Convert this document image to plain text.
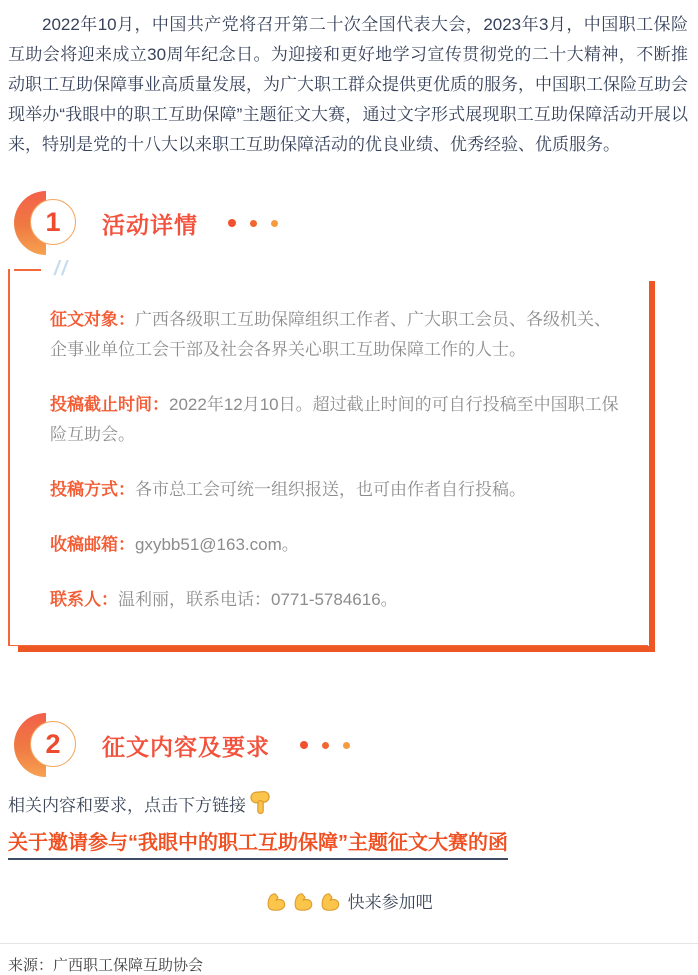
2022年10月，中国共产党将召开第二十次全国代表大会，2023年3月，中国职工保险互助会将迎来成立30周年纪念日。为迎接和更好地学习宣传贯彻党的二十大精神，不断推动职工互助保障事业高质量发展，为广大职工群众提供更优质的服务，中国职工保险互助会现举办“我眼中的职工互助保障”主题征文大赛，通过文字形式展现职工互助保障活动开展以来，特别是党的十八大以来职工互助保障活动的优良业绩、优秀经验、优质服务。

1	活动详情
//
征文对象：广西各级职工互助保障组织工作者、广大职工会员、各级机关、企事业单位工会干部及社会各界关心职工互助保障工作的人士。
投稿截止时间：2022年12月10日。超过截止时间的可自行投稿至中国职工保险互助会。
投稿方式：各市总工会可统一组织报送，也可由作者自行投稿。
收稿邮箱：gxybb51@163.com。
联系人：温利丽，联系电话：0771-5784616。
2	征文内容及要求

相关内容和要求，点击下方链接

关于邀请参与“我眼中的职工互助保障”主题征文大赛的函

快来参加吧

来源：广西职工保障互助协会
